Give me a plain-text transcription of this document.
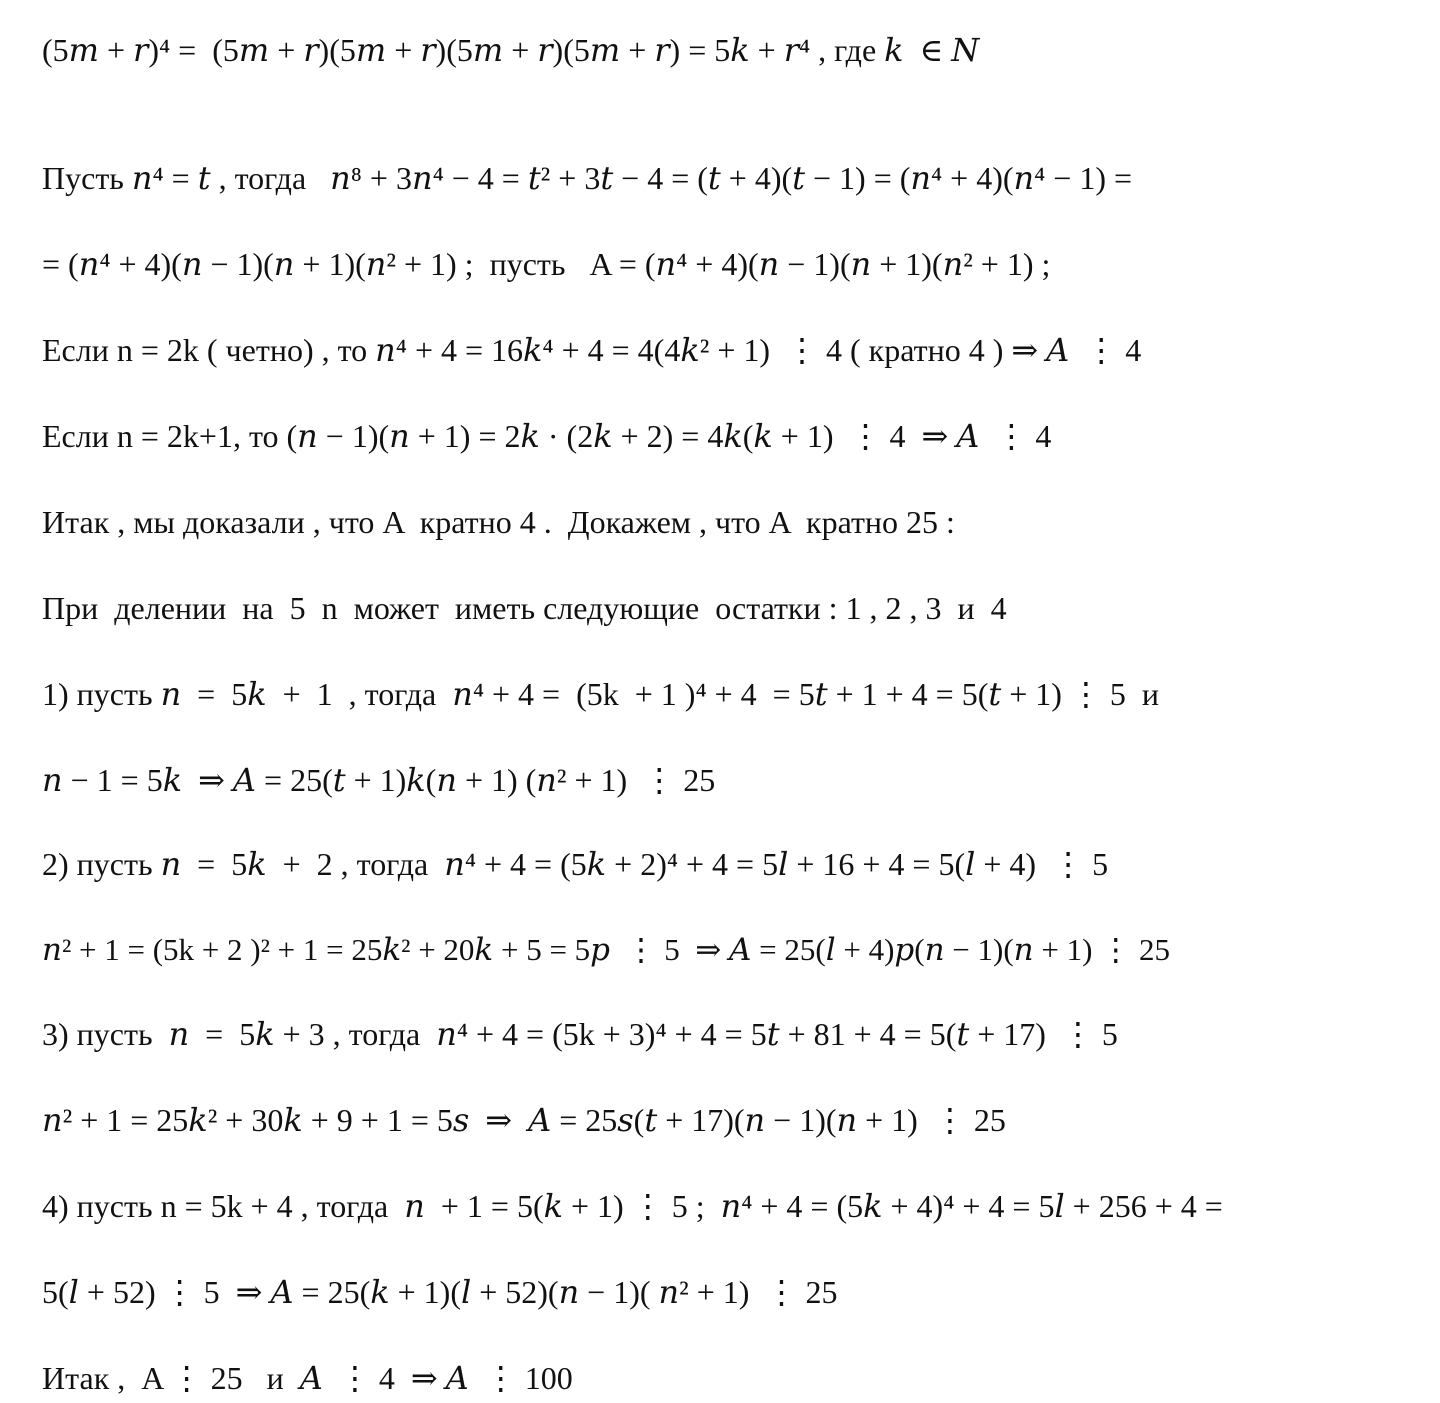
(5𝑚 + 𝑟)⁴ =  (5𝑚 + 𝑟)(5𝑚 + 𝑟)(5𝑚 + 𝑟)(5𝑚 + 𝑟) = 5𝑘 + 𝑟⁴ , где 𝑘  ∈ 𝑁

Пусть 𝑛⁴ = 𝑡 , тогда   𝑛⁸ + 3𝑛⁴ − 4 = 𝑡² + 3𝑡 − 4 = (𝑡 + 4)(𝑡 − 1) = (𝑛⁴ + 4)(𝑛⁴ − 1) =

= (𝑛⁴ + 4)(𝑛 − 1)(𝑛 + 1)(𝑛² + 1) ;  пусть   A = (𝑛⁴ + 4)(𝑛 − 1)(𝑛 + 1)(𝑛² + 1) ;

Если n = 2k ( четно) , то 𝑛⁴ + 4 = 16𝑘⁴ + 4 = 4(4𝑘² + 1)  ⋮ 4 ( кратно 4 ) ⇒ 𝐴  ⋮ 4

Если n = 2k+1, то (𝑛 − 1)(𝑛 + 1) = 2𝑘 · (2𝑘 + 2) = 4𝑘(𝑘 + 1)  ⋮ 4  ⇒ 𝐴  ⋮ 4

Итак , мы доказали , что A  кратно 4 .  Докажем , что A  кратно 25 :

При  делении  на  5  n  может  иметь следующие  остатки : 1 , 2 , 3  и  4

1) пусть 𝑛  =  5𝑘  +  1  , тогда  𝑛⁴ + 4 =  (5k  + 1 )⁴ + 4  = 5𝑡 + 1 + 4 = 5(𝑡 + 1) ⋮ 5  и

𝑛 − 1 = 5𝑘  ⇒ 𝐴 = 25(𝑡 + 1)𝑘(𝑛 + 1) (𝑛² + 1)  ⋮ 25

2) пусть 𝑛  =  5𝑘  +  2 , тогда  𝑛⁴ + 4 = (5𝑘 + 2)⁴ + 4 = 5𝑙 + 16 + 4 = 5(𝑙 + 4)  ⋮ 5

𝑛² + 1 = (5k + 2 )² + 1 = 25𝑘² + 20𝑘 + 5 = 5𝑝  ⋮ 5  ⇒ 𝐴 = 25(𝑙 + 4)𝑝(𝑛 − 1)(𝑛 + 1) ⋮ 25

3) пусть  𝑛  =  5𝑘 + 3 , тогда  𝑛⁴ + 4 = (5k + 3)⁴ + 4 = 5𝑡 + 81 + 4 = 5(𝑡 + 17)  ⋮ 5

𝑛² + 1 = 25𝑘² + 30𝑘 + 9 + 1 = 5𝑠  ⇒  𝐴 = 25𝑠(𝑡 + 17)(𝑛 − 1)(𝑛 + 1)  ⋮ 25

4) пусть n = 5k + 4 , тогда  𝑛  + 1 = 5(𝑘 + 1) ⋮ 5 ;  𝑛⁴ + 4 = (5𝑘 + 4)⁴ + 4 = 5𝑙 + 256 + 4 =

5(𝑙 + 52) ⋮ 5  ⇒ 𝐴 = 25(𝑘 + 1)(𝑙 + 52)(𝑛 − 1)( 𝑛² + 1)  ⋮ 25

Итак ,  A ⋮ 25   и  𝐴  ⋮ 4  ⇒ 𝐴  ⋮ 100
